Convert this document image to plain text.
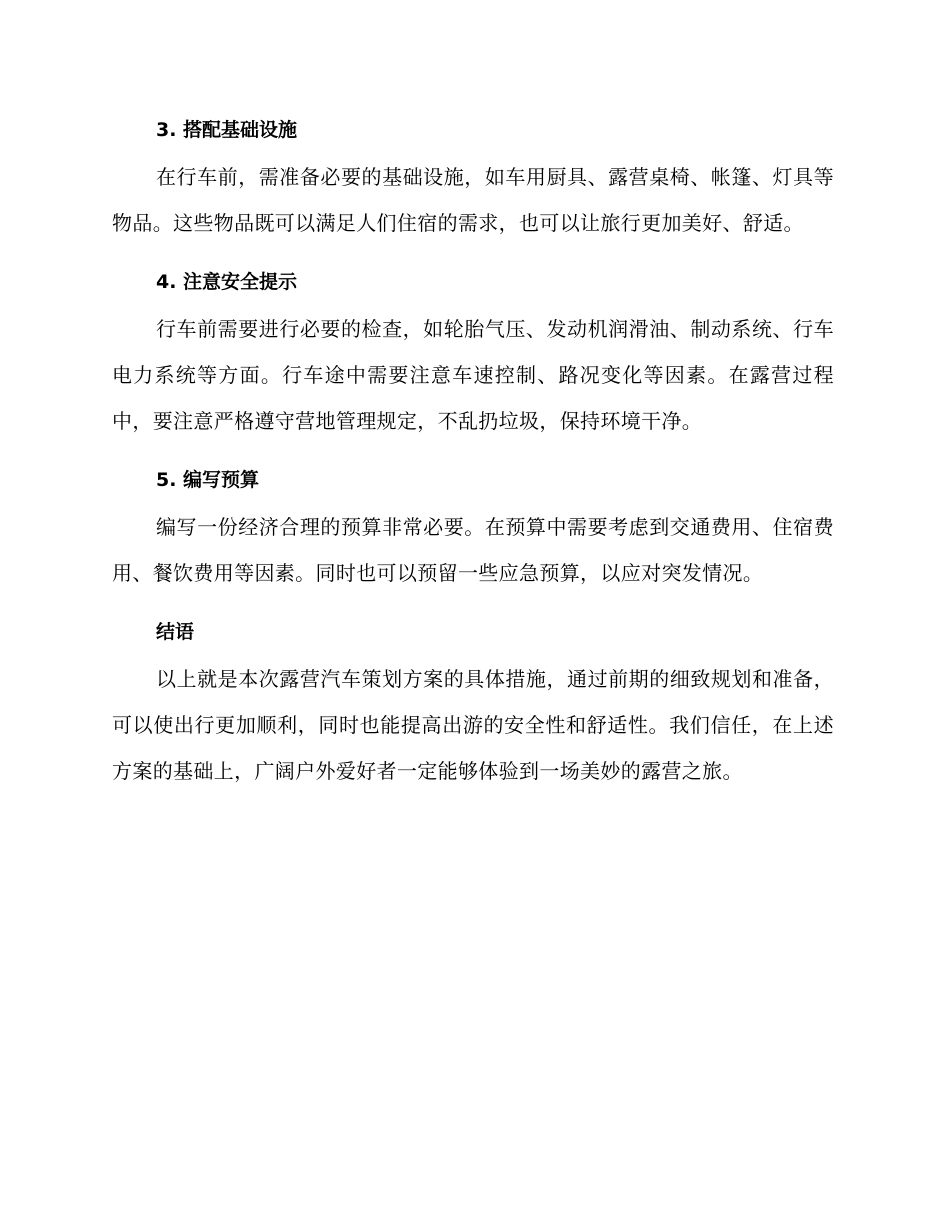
3. 搭配基础设施

在行车前，需准备必要的基础设施，如车用厨具、露营桌椅、帐篷、灯具等物品。这些物品既可以满足人们住宿的需求，也可以让旅行更加美好、舒适。

4. 注意安全提示

行车前需要进行必要的检查，如轮胎气压、发动机润滑油、制动系统、行车电力系统等方面。行车途中需要注意车速控制、路况变化等因素。在露营过程中，要注意严格遵守营地管理规定，不乱扔垃圾，保持环境干净。

5. 编写预算

编写一份经济合理的预算非常必要。在预算中需要考虑到交通费用、住宿费用、餐饮费用等因素。同时也可以预留一些应急预算，以应对突发情况。

结语

以上就是本次露营汽车策划方案的具体措施，通过前期的细致规划和准备，可以使出行更加顺利，同时也能提高出游的安全性和舒适性。我们信任，在上述方案的基础上，广阔户外爱好者一定能够体验到一场美妙的露营之旅。
